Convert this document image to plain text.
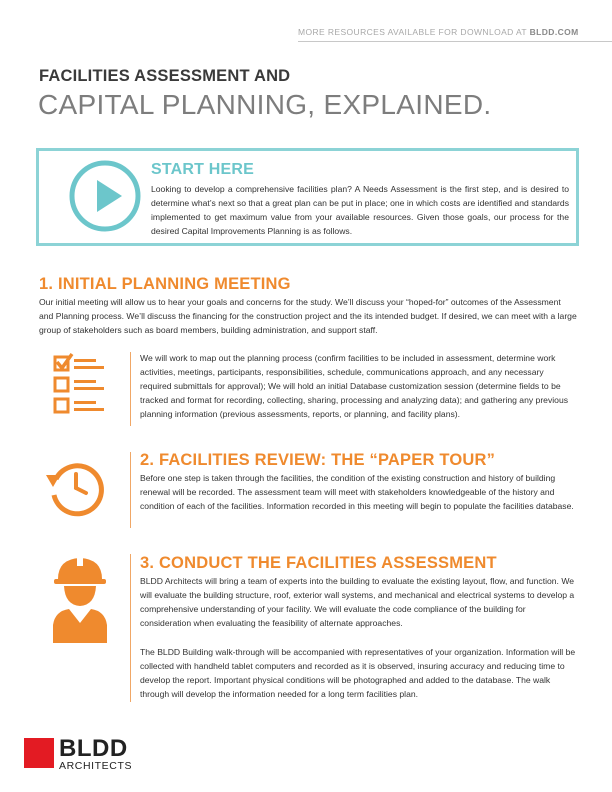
MORE RESOURCES AVAILABLE FOR DOWNLOAD AT BLDD.COM
FACILITIES ASSESSMENT AND
CAPITAL PLANNING, EXPLAINED.
START HERE
Looking to develop a comprehensive facilities plan? A Needs Assessment is the first step, and is desired to determine what’s next so that a great plan can be put in place; one in which costs are identified and standards implemented to get maximum value from your available resources. Given those goals, our process for the desired Capital Improvements Planning is as follows.
1. INITIAL PLANNING MEETING
Our initial meeting will allow us to hear your goals and concerns for the study. We’ll discuss your “hoped-for” outcomes of the Assessment and Planning process. We’ll discuss the financing for the construction project and the its intended budget. If desired, we can meet with a large group of stakeholders such as board members, building administration, and support staff.
We will work to map out the planning process (confirm facilities to be included in assessment, determine work activities, meetings, participants, responsibilities, schedule, communications approach, and any necessary required submittals for approval); We will hold an initial Database customization session (determine fields to be tracked and format for recording, collecting, sharing, processing and analyzing data); and gathering any previous planning information (previous assessments, reports, or planning, and facility plans).
2. FACILITIES REVIEW: THE “PAPER TOUR”
Before one step is taken through the facilities, the condition of the existing construction and history of building renewal will be recorded. The assessment team will meet with stakeholders knowledgeable of the history and condition of each of the facilities. Information recorded in this meeting will begin to populate the facilities database.
3. CONDUCT THE FACILITIES ASSESSMENT
BLDD Architects will bring a team of experts into the building to evaluate the existing layout, flow, and function. We will evaluate the building structure, roof, exterior wall systems, and mechanical and electrical systems to develop a comprehensive understanding of your facility. We will evaluate the code compliance of the building for consideration when evaluating the feasibility of alternate approaches.
The BLDD Building walk-through will be accompanied with representatives of your organization. Information will be collected with handheld tablet computers and recorded as it is observed, insuring accuracy and reducing time to develop the report. Important physical conditions will be photographed and added to the database. The walk through will develop the information needed for a long term facilities plan.
BLDD
ARCHITECTS
